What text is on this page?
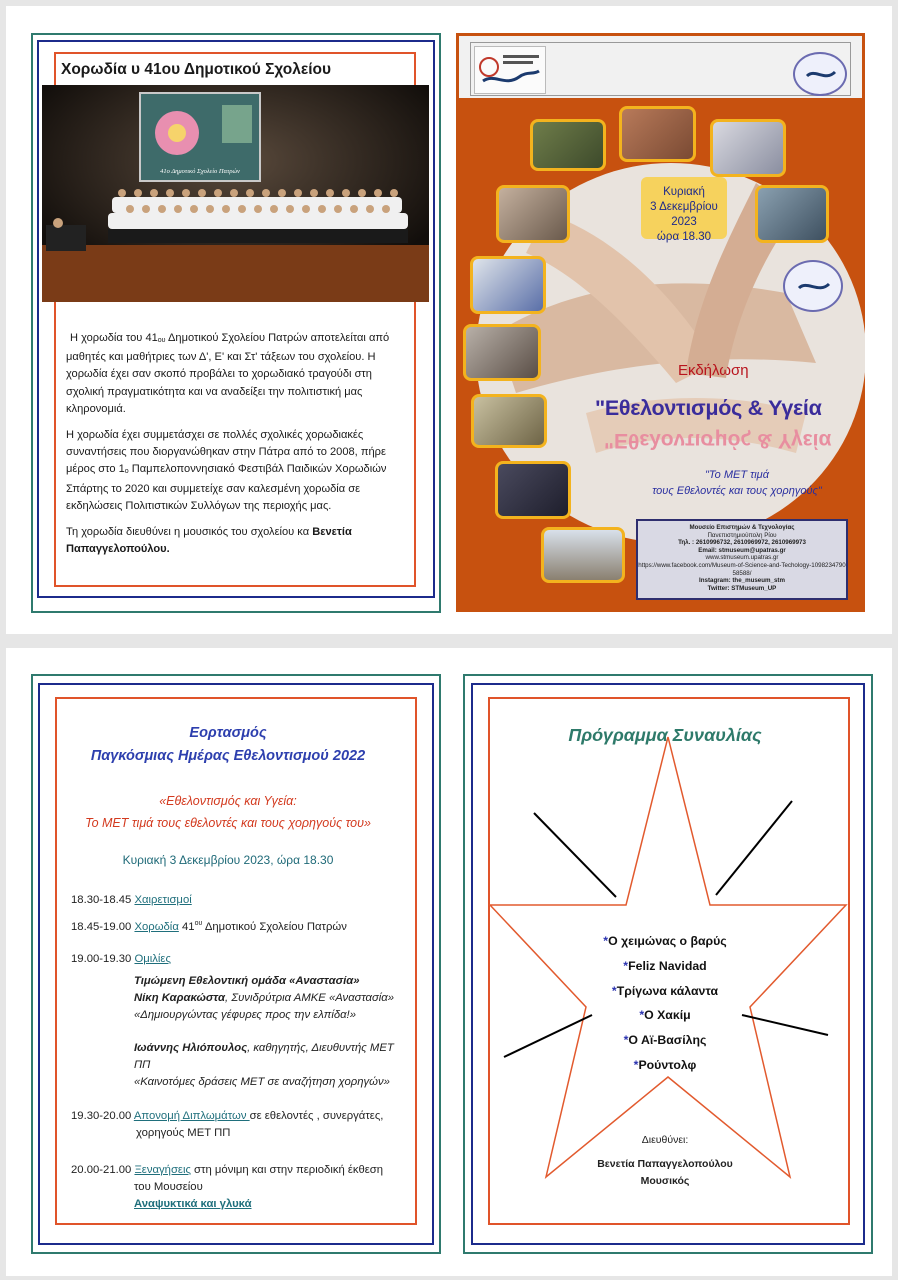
Χορωδία υ 41ου Δημοτικού Σχολείου
41ο Δημοτικό Σχολείο Πατρών

Η χορωδία του $41_{o\upsilon}$ Δημοτικού Σχολείου Πατρών αποτελείται από μαθητές και μαθήτριες των Δ', Ε' και Στ' τάξεων του σχολείου. Η χορωδία έχει σαν σκοπό προβάλει το χορωδιακό τραγούδι στη σχολική πραγματικότητα και να αναδείξει την πολιτιστική μας κληρονομιά.

Η χορωδία έχει συμμετάσχει σε πολλές σχολικές χορωδιακές συναντήσεις που διοργανώθηκαν στην Πάτρα από το 2008, πήρε μέρος στο $1_o$ Παμπελοποννησιακό Φεστιβάλ Παιδικών Χορωδιών Σπάρτης το 2020 και συμμετείχε σαν καλεσμένη χορωδία σε εκδηλώσεις Πολιτιστικών Συλλόγων της περιοχής μας.

Τη χορωδία διευθύνει η μουσικός του σχολείου κα Βενετία Παπαγγελοπούλου.

Κυριακή
3 Δεκεμβρίου 2023
ώρα 18.30
Εκδήλωση
"Εθελοντισμός & Υγεία
"Εθελοντισμός & Υγεία
"Το ΜΕΤ τιμά
τους Εθελοντές και τους χορηγούς"
Μουσείο Επιστημών & Τεχνολογίας
Πανεπιστημιούπολη Ρίου
Τηλ. : 2610996732, 2610969972, 2610969973
Email: stmuseum@upatras.gr
www.stmuseum.upatras.gr
https://www.facebook.com/Museum-of-Science-and-Techology-109823479058588/
Instagram: the_museum_stm
Twitter: STMuseum_UP
Εορτασμός
Παγκόσμιας Ημέρας Εθελοντισμού 2022
«Εθελοντισμός και Υγεία:
Το ΜΕΤ τιμά τους εθελοντές και τους χορηγούς του»
Κυριακή 3 Δεκεμβρίου 2023, ώρα 18.30
18.30-18.45 Χαιρετισμοί
18.45-19.00 Χορωδία $41^{o\upsilon}$ Δημοτικού Σχολείου Πατρών
19.00-19.30 Ομιλίες
Τιμώμενη Εθελοντική ομάδα «Αναστασία»
Νίκη Καρακώστα, Συνιδρύτρια ΑΜΚΕ «Αναστασία»
«Δημιουργώντας γέφυρες προς την ελπίδα!»
Ιωάννης Ηλιόπουλος, καθηγητής, Διευθυντής ΜΕΤ
ΠΠ
«Καινοτόμες δράσεις ΜΕΤ σε αναζήτηση χορηγών»
19.30-20.00 Απονομή Διπλωμάτων σε εθελοντές , συνεργάτες,
χορηγούς ΜΕΤ ΠΠ
20.00-21.00 Ξεναγήσεις στη μόνιμη και στην περιοδική έκθεση
του Μουσείου
Αναψυκτικά και γλυκά
Πρόγραμμα Συναυλίας
*Ο χειμώνας ο βαρύς
*Feliz Navidad
*Τρίγωνα κάλαντα
*Ο Χακίμ
*Ο Αϊ-Βασίλης
*Ρούντολφ
Διευθύνει:
Βενετία Παπαγγελοπούλου
Μουσικός
